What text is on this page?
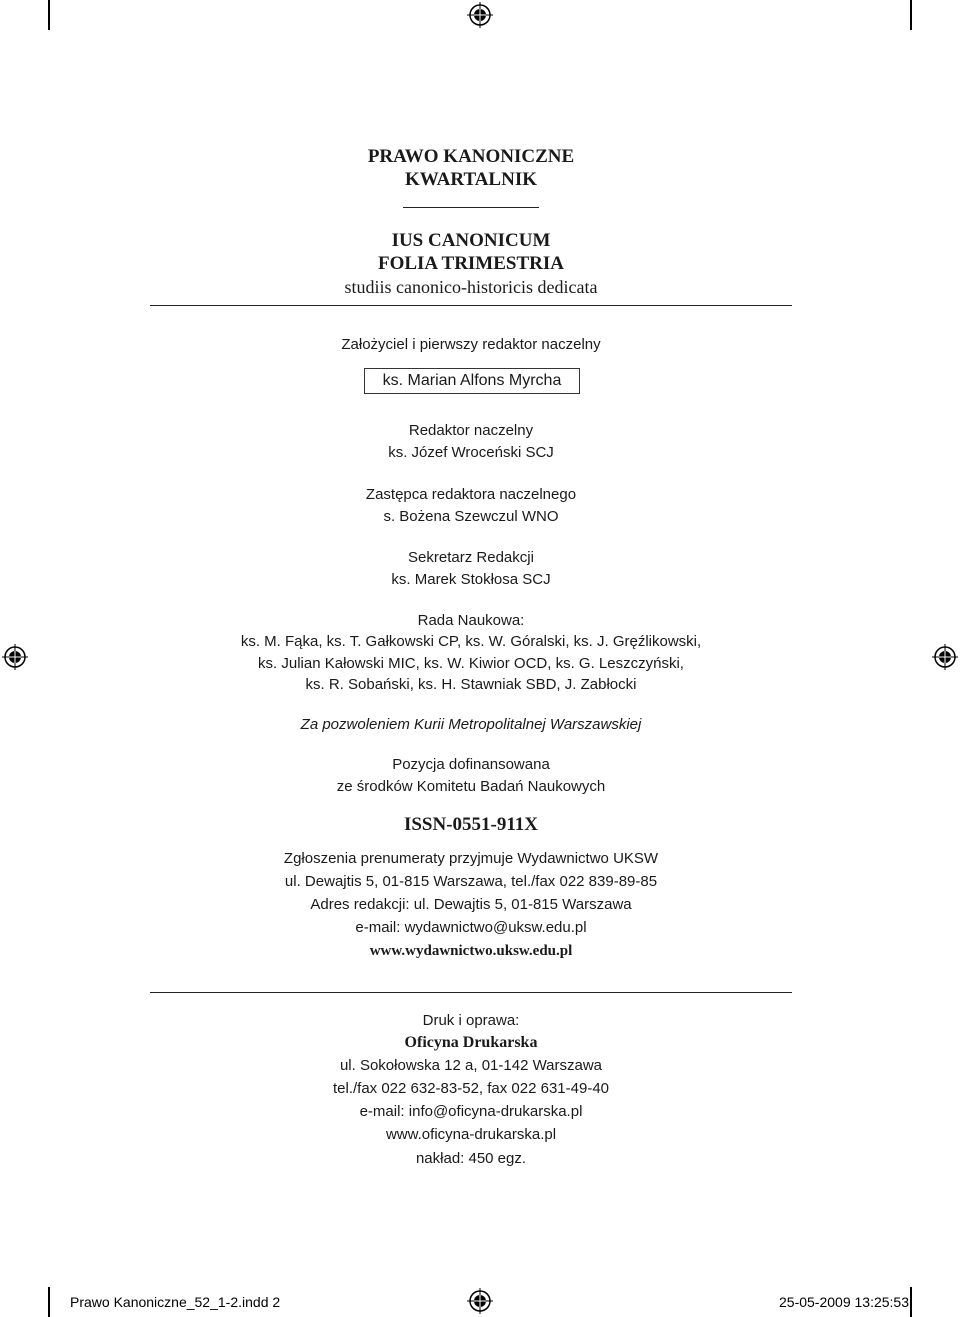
PRAWO KANONICZNE
KWARTALNIK
IUS CANONICUM
FOLIA TRIMESTRIA
studiis canonico-historicis dedicata
Założyciel i pierwszy redaktor naczelny
ks. Marian Alfons Myrcha
Redaktor naczelny
ks. Józef Wroceński SCJ
Zastępca redaktora naczelnego
s. Bożena Szewczul WNO
Sekretarz Redakcji
ks. Marek Stokłosa SCJ
Rada Naukowa:
ks. M. Fąka, ks. T. Gałkowski CP, ks. W. Góralski, ks. J. Gręźlikowski,
ks. Julian Kałowski MIC, ks. W. Kiwior OCD, ks. G. Leszczyński,
ks. R. Sobański, ks. H. Stawniak SBD, J. Zabłocki
Za pozwoleniem Kurii Metropolitalnej Warszawskiej
Pozycja dofinansowana
ze środków Komitetu Badań Naukowych
ISSN-0551-911X
Zgłoszenia prenumeraty przyjmuje Wydawnictwo UKSW
ul. Dewajtis 5, 01-815 Warszawa, tel./fax 022 839-89-85
Adres redakcji: ul. Dewajtis 5, 01-815 Warszawa
e-mail: wydawnictwo@uksw.edu.pl
www.wydawnictwo.uksw.edu.pl
Druk i oprawa:
Oficyna Drukarska
ul. Sokołowska 12 a, 01-142 Warszawa
tel./fax 022 632-83-52, fax 022 631-49-40
e-mail: info@oficyna-drukarska.pl
www.oficyna-drukarska.pl
nakład: 450 egz.
Prawo Kanoniczne_52_1-2.indd 2	25-05-2009 13:25:53
